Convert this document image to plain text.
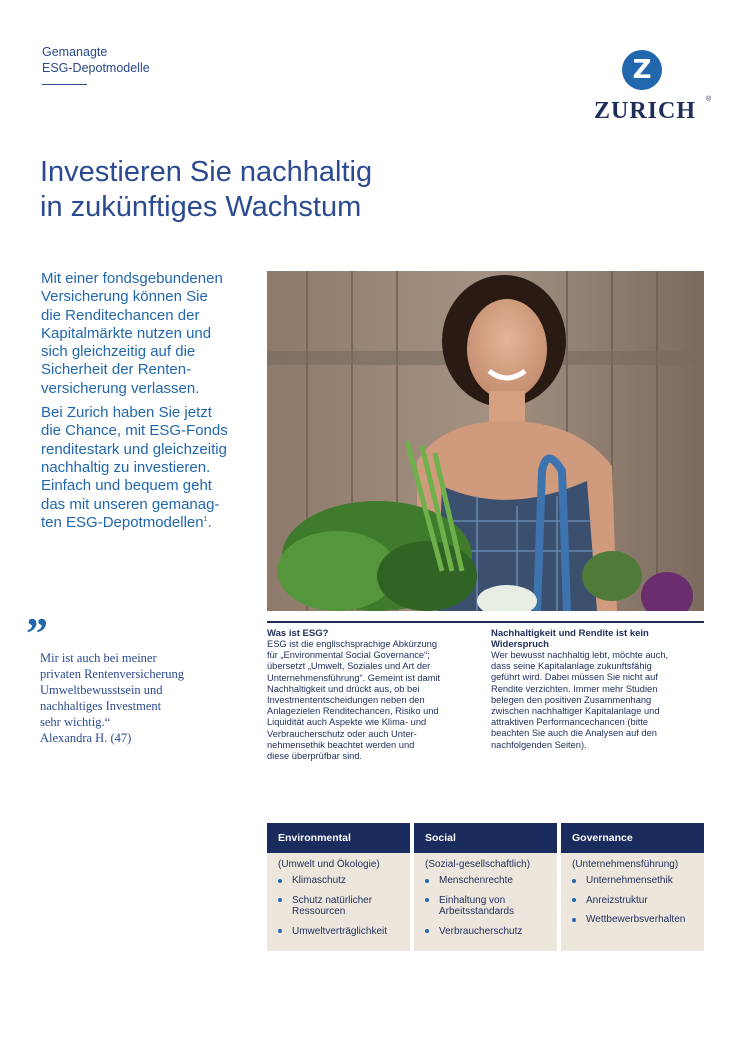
Gemanagte
ESG-Depotmodelle	Z
ZURICH	®
Investieren Sie nachhaltig
in zukünftiges Wachstum
Mit einer fondsgebundenen
Versicherung können Sie
die Renditechancen der
Kapitalmärkte nutzen und
sich gleichzeitig auf die
Sicherheit der Renten-
versicherung verlassen.
Bei Zurich haben Sie jetzt
die Chance, mit ESG-Fonds
renditestark und gleichzeitig
nachhaltig zu investieren.
Einfach und bequem geht
das mit unseren gemanag-
ten ESG-Depotmodellen$^1$.
”
Mir ist auch bei meiner
privaten Rentenversicherung
Umweltbewusstsein und
nachhaltiges Investment
sehr wichtig.“
Alexandra H. (47)
Was ist ESG?

ESG ist die englischsprachige Abkürzung
für „Environmental Social Governance“;
übersetzt „Umwelt, Soziales und Art der
Unternehmensführung“. Gemeint ist damit
Nachhaltigkeit und drückt aus, ob bei
Investmententscheidungen neben den
Anlagezielen Renditechancen, Risiko und
Liquidität auch Aspekte wie Klima- und
Verbraucherschutz oder auch Unter-
nehmensethik beachtet werden und
diese überprüfbar sind.

Nachhaltigkeit und Rendite ist kein
Widerspruch

Wer bewusst nachhaltig lebt, möchte auch,
dass seine Kapitalanlage zukunftsfähig
geführt wird. Dabei müssen Sie nicht auf
Rendite verzichten. Immer mehr Studien
belegen den positiven Zusammenhang
zwischen nachhaltiger Kapitalanlage und
attraktiven Performancechancen (bitte
beachten Sie auch die Analysen auf den
nachfolgenden Seiten).

Environmental
(Umwelt und Ökologie)
Klimaschutz
Schutz natürlicher
Ressourcen
Umweltverträglichkeit
Social
(Sozial-gesellschaftlich)
Menschenrechte
Einhaltung von
Arbeitsstandards
Verbraucherschutz
Governance
(Unternehmensführung)
Unternehmensethik
Anreizstruktur
Wettbewerbsverhalten
